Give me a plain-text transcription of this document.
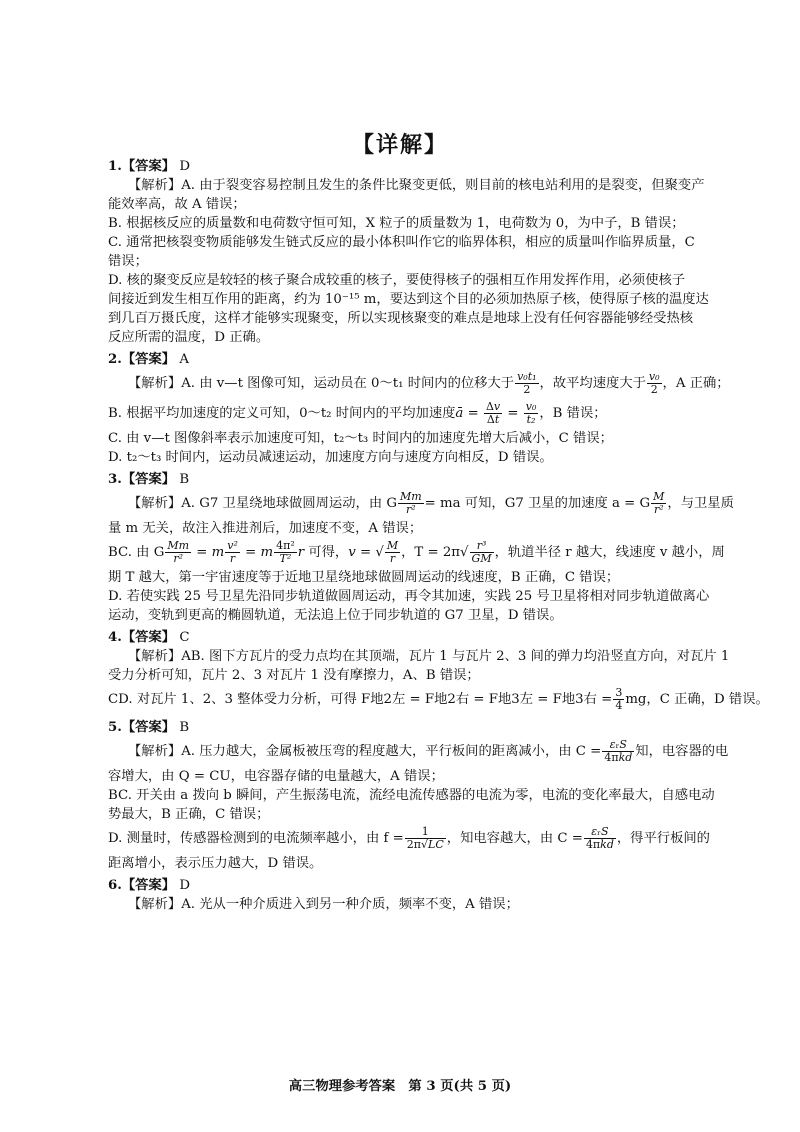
【详解】
1.【答案】 D
【解析】A. 由于裂变容易控制且发生的条件比聚变更低，则目前的核电站利用的是裂变，但聚变产
能效率高，故 A 错误；
B. 根据核反应的质量数和电荷数守恒可知，X 粒子的质量数为 1，电荷数为 0，为中子，B 错误；
C. 通常把核裂变物质能够发生链式反应的最小体积叫作它的临界体积，相应的质量叫作临界质量，C
错误；
D. 核的聚变反应是较轻的核子聚合成较重的核子，要使得核子的强相互作用发挥作用，必须使核子
间接近到发生相互作用的距离，约为 10⁻¹⁵ m，要达到这个目的必须加热原子核，使得原子核的温度达
到几百万摄氏度，这样才能够实现聚变，所以实现核聚变的难点是地球上没有任何容器能够经受热核
反应所需的温度，D 正确。
2.【答案】 A
【解析】A. 由 v—t 图像可知，运动员在 0～t₁ 时间内的位移大于 $\frac{\text{v₀t₁}}{2}$ ，故平均速度大于 $\frac{\text{v₀}}{2}$ ，A 正确；
B. 根据平均加速度的定义可知，0～t₂ 时间内的平均加速度ā = $\frac{\Delta v}{\Delta t} = \frac{\text{v₀}}{\text{t₂}}$ ，B 错误；
C. 由 v—t 图像斜率表示加速度可知，t₂～t₃ 时间内的加速度先增大后减小，C 错误；
D. t₂～t₃ 时间内，运动员减速运动，加速度方向与速度方向相反，D 错误。
3.【答案】 B
【解析】A. G7 卫星绕地球做圆周运动，由 G $\frac{Mm}{\text{r²}}$ = ma 可知，G7 卫星的加速度 a = G $\frac{M}{\text{r²}}$ ，与卫星质
量 m 无关，故注入推进剂后，加速度不变，A 错误；
BC. 由 G $\frac{Mm}{\text{r²}} = m \frac{\text{v²}}{r} = m \frac{\text{4π²}}{\text{T²}}$ r 可得，v = √ $\frac{M}{r}$ ，$T = 2\pi√ \frac{\text{r³}}{GM}$ ，轨道半径 r 越大，线速度 v 越小，周
期 T 越大，第一宇宙速度等于近地卫星绕地球做圆周运动的线速度，B 正确，C 错误；
D. 若使实践 25 号卫星先沿同步轨道做圆周运动，再令其加速，实践 25 号卫星将相对同步轨道做离心
运动，变轨到更高的椭圆轨道，无法追上位于同步轨道的 G7 卫星，D 错误。
4.【答案】 C
【解析】AB. 图下方瓦片的受力点均在其顶端，瓦片 1 与瓦片 2、3 间的弹力均沿竖直方向，对瓦片 1
受力分析可知，瓦片 2、3 对瓦片 1 没有摩擦力，A、B 错误；
CD. 对瓦片 1、2、3 整体受力分析，可得 F地2左 = F地2右 = F地3左 = F地3右 = $\frac{3}{4}$ mg，C 正确，D 错误。
5.【答案】 B
【解析】A. 压力越大，金属板被压弯的程度越大，平行板间的距离减小，由 $C = \frac{\text{εᵣS}}{\text{4πkd}}$ 知，电容器的电
容增大，由 Q = CU，电容器存储的电量越大，A 错误；
BC. 开关由 a 拨向 b 瞬间，产生振荡电流，流经电流传感器的电流为零，电流的变化率最大，自感电动
势最大，B 正确，C 错误；
D. 测量时，传感器检测到的电流频率越小，由 $f = \frac{1}{2\pi√LC}$ ，知电容越大，由 $C = \frac{\text{εᵣS}}{\text{4πkd}}$ ，得平行板间的
距离增小，表示压力越大，D 错误。
6.【答案】 D
【解析】A. 光从一种介质进入到另一种介质，频率不变，A 错误；
高三物理参考答案　第 3 页(共 5 页)
